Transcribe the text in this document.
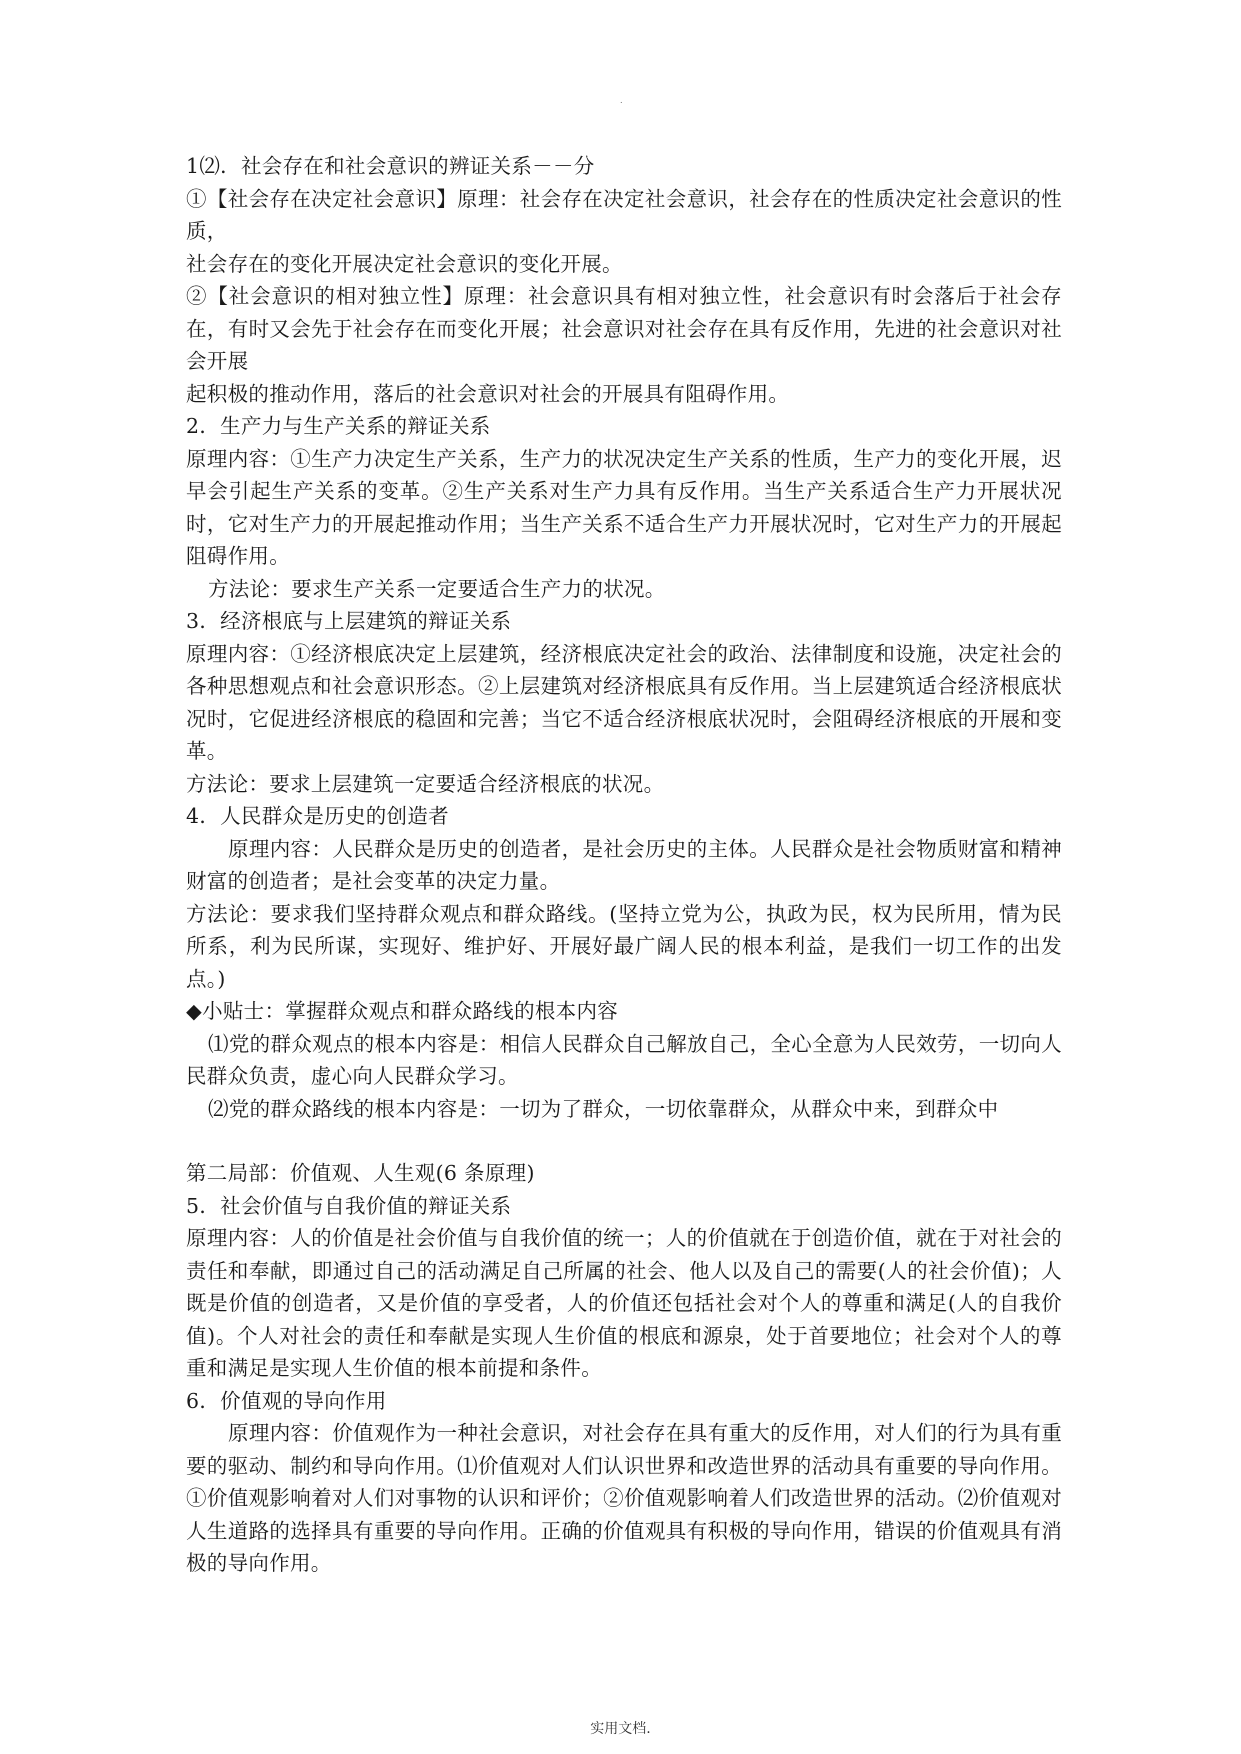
.

1⑵．社会存在和社会意识的辨证关系－－分

①【社会存在决定社会意识】原理：社会存在决定社会意识，社会存在的性质决定社会意识的性质，

社会存在的变化开展决定社会意识的变化开展。

②【社会意识的相对独立性】原理：社会意识具有相对独立性，社会意识有时会落后于社会存在，有时又会先于社会存在而变化开展；社会意识对社会存在具有反作用，先进的社会意识对社会开展

起积极的推动作用，落后的社会意识对社会的开展具有阻碍作用。

2．生产力与生产关系的辩证关系

原理内容：①生产力决定生产关系，生产力的状况决定生产关系的性质，生产力的变化开展，迟早会引起生产关系的变革。②生产关系对生产力具有反作用。当生产关系适合生产力开展状况时，它对生产力的开展起推动作用；当生产关系不适合生产力开展状况时，它对生产力的开展起阻碍作用。

方法论：要求生产关系一定要适合生产力的状况。

3．经济根底与上层建筑的辩证关系

原理内容：①经济根底决定上层建筑，经济根底决定社会的政治、法律制度和设施，决定社会的各种思想观点和社会意识形态。②上层建筑对经济根底具有反作用。当上层建筑适合经济根底状况时，它促进经济根底的稳固和完善；当它不适合经济根底状况时，会阻碍经济根底的开展和变革。

方法论：要求上层建筑一定要适合经济根底的状况。

4．人民群众是历史的创造者

原理内容：人民群众是历史的创造者，是社会历史的主体。人民群众是社会物质财富和精神财富的创造者；是社会变革的决定力量。

方法论：要求我们坚持群众观点和群众路线。(坚持立党为公，执政为民，权为民所用，情为民所系，利为民所谋，实现好、维护好、开展好最广阔人民的根本利益，是我们一切工作的出发点。)

◆小贴士：掌握群众观点和群众路线的根本内容

⑴党的群众观点的根本内容是：相信人民群众自己解放自己，全心全意为人民效劳，一切向人民群众负责，虚心向人民群众学习。

⑵党的群众路线的根本内容是：一切为了群众，一切依靠群众，从群众中来，到群众中

第二局部：价值观、人生观(6 条原理)

5．社会价值与自我价值的辩证关系

原理内容：人的价值是社会价值与自我价值的统一；人的价值就在于创造价值，就在于对社会的责任和奉献，即通过自己的活动满足自己所属的社会、他人以及自己的需要(人的社会价值)；人既是价值的创造者，又是价值的享受者，人的价值还包括社会对个人的尊重和满足(人的自我价值)。个人对社会的责任和奉献是实现人生价值的根底和源泉，处于首要地位；社会对个人的尊重和满足是实现人生价值的根本前提和条件。

6．价值观的导向作用

原理内容：价值观作为一种社会意识，对社会存在具有重大的反作用，对人们的行为具有重要的驱动、制约和导向作用。⑴价值观对人们认识世界和改造世界的活动具有重要的导向作用。①价值观影响着对人们对事物的认识和评价；②价值观影响着人们改造世界的活动。⑵价值观对人生道路的选择具有重要的导向作用。正确的价值观具有积极的导向作用，错误的价值观具有消极的导向作用。

实用文档.
